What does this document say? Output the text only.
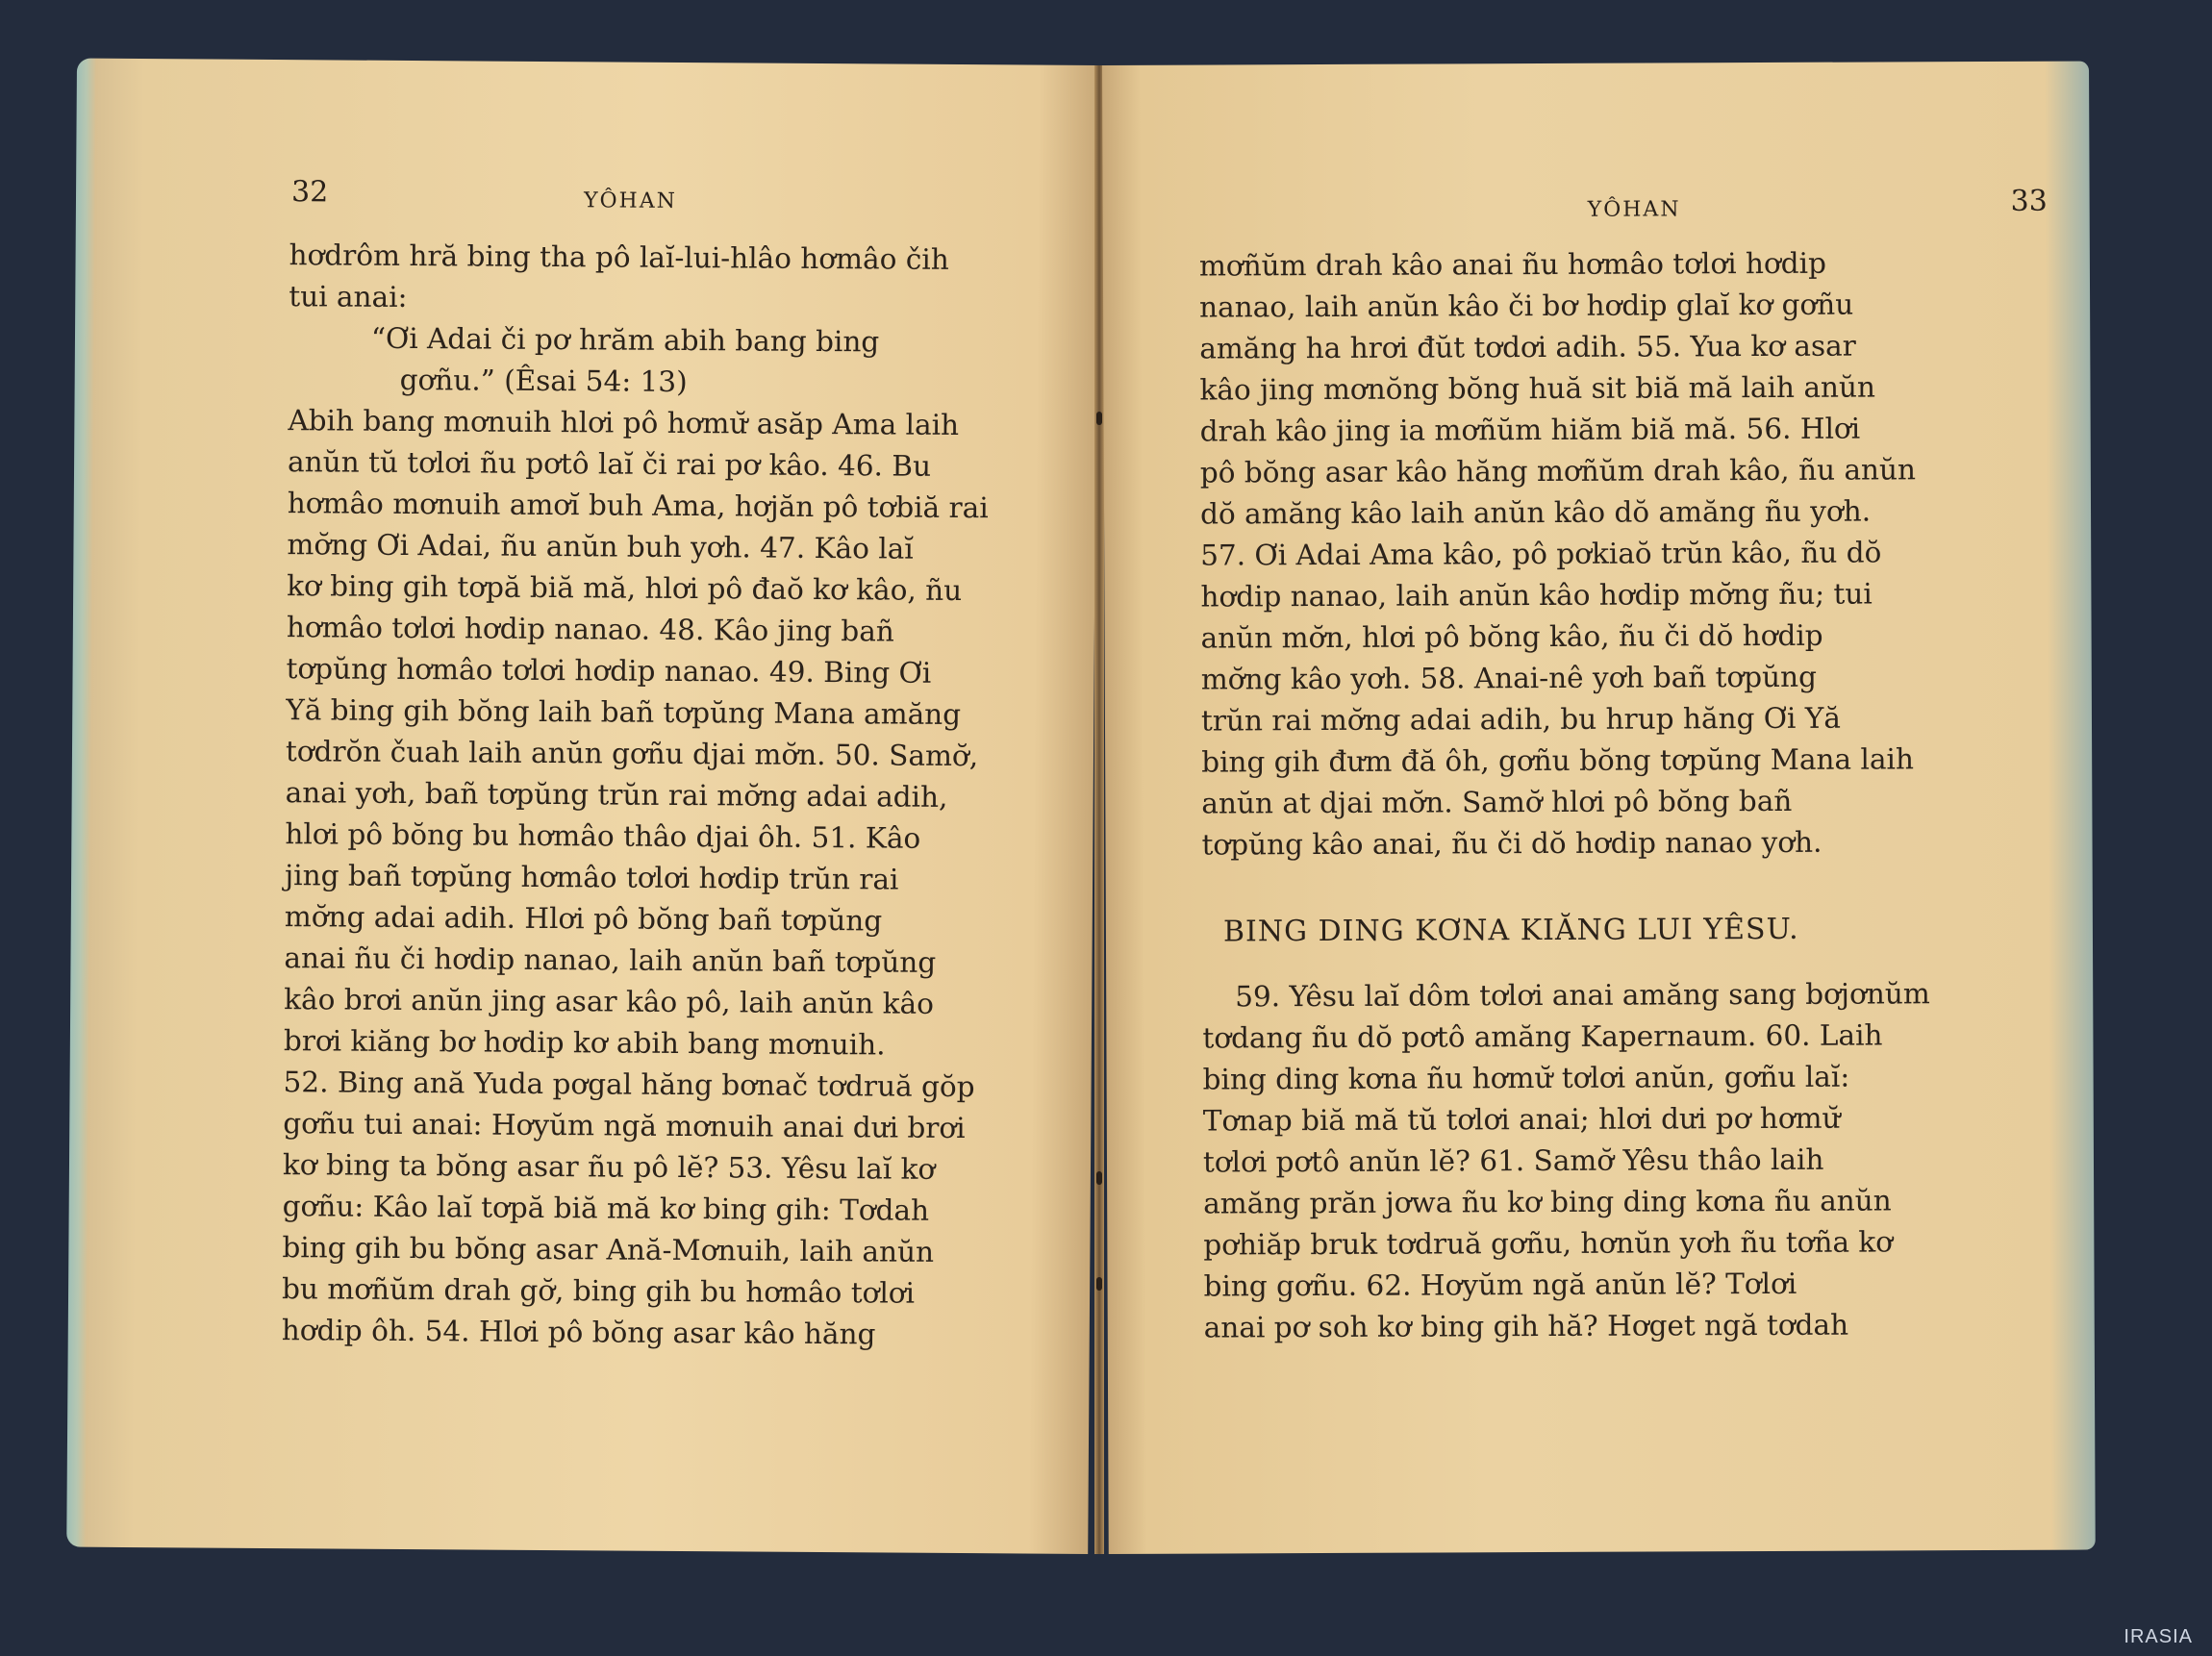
32	YÔHAN
hơdrôm hră bing tha pô laĭ-lui-hlâo hơmâo čih
tui anai:
“Ơi Adai či pơ hrăm abih bang bing
gơñu.” (Êsai 54: 13)
Abih bang mơnuih hlơi pô hơmư̆ asăp Ama laih
anŭn tŭ tơlơi ñu pơtô laĭ či rai pơ kâo. 46. Bu
hơmâo mơnuih amơĭ buh Ama, hơjăn pô tơbiă rai
mơ̆ng Ơi Adai, ñu anŭn buh yơh. 47. Kâo laĭ
kơ bing gih tơpă biă mă, hlơi pô đaŏ kơ kâo, ñu
hơmâo tơlơi hơdip nanao. 48. Kâo jing bañ
tơpŭng hơmâo tơlơi hơdip nanao. 49. Bing Ơi
Yă bing gih bŏng laih bañ tơpŭng Mana amăng
tơdrŏn čuah laih anŭn gơñu djai mơ̆n. 50. Samơ̆,
anai yơh, bañ tơpŭng trŭn rai mơ̆ng adai adih,
hlơi pô bŏng bu hơmâo thâo djai ôh. 51. Kâo
jing bañ tơpŭng hơmâo tơlơi hơdip trŭn rai
mơ̆ng adai adih. Hlơi pô bŏng bañ tơpŭng
anai ñu či hơdip nanao, laih anŭn bañ tơpŭng
kâo brơi anŭn jing asar kâo pô, laih anŭn kâo
brơi kiăng bơ hơdip kơ abih bang mơnuih.
52. Bing ană Yuda pơgal hăng bơnač tơdruă gŏp
gơñu tui anai: Hơyŭm ngă mơnuih anai dưi brơi
kơ bing ta bŏng asar ñu pô lĕ? 53. Yêsu laĭ kơ
gơñu: Kâo laĭ tơpă biă mă kơ bing gih: Tơdah
bing gih bu bŏng asar Ană-Mơnuih, laih anŭn
bu mơñŭm drah gơ̆, bing gih bu hơmâo tơlơi
hơdip ôh. 54. Hlơi pô bŏng asar kâo hăng
YÔHAN	33
mơñŭm drah kâo anai ñu hơmâo tơlơi hơdip
nanao, laih anŭn kâo či bơ hơdip glaĭ kơ gơñu
amăng ha hrơi đŭt tơdơi adih. 55. Yua kơ asar
kâo jing mơnŏng bŏng huă sit biă mă laih anŭn
drah kâo jing ia mơñŭm hiăm biă mă. 56. Hlơi
pô bŏng asar kâo hăng mơñŭm drah kâo, ñu anŭn
dŏ amăng kâo laih anŭn kâo dŏ amăng ñu yơh.
57. Ơi Adai Ama kâo, pô pơkiaŏ trŭn kâo, ñu dŏ
hơdip nanao, laih anŭn kâo hơdip mơ̆ng ñu; tui
anŭn mơ̆n, hlơi pô bŏng kâo, ñu či dŏ hơdip
mơ̆ng kâo yơh. 58. Anai-nê yơh bañ tơpŭng
trŭn rai mơ̆ng adai adih, bu hrup hăng Ơi Yă
bing gih đưm đă ôh, gơñu bŏng tơpŭng Mana laih
anŭn at djai mơ̆n. Samơ̆ hlơi pô bŏng bañ
tơpŭng kâo anai, ñu či dŏ hơdip nanao yơh.
BING DING KƠNA KIĂNG LUI YÊSU.
59. Yêsu laĭ dôm tơlơi anai amăng sang bơjơnŭm
tơdang ñu dŏ pơtô amăng Kapernaum. 60. Laih
bing ding kơna ñu hơmư̆ tơlơi anŭn, gơñu laĭ:
Tơnap biă mă tŭ tơlơi anai; hlơi dưi pơ hơmư̆
tơlơi pơtô anŭn lĕ? 61. Samơ̆ Yêsu thâo laih
amăng prăn jơwa ñu kơ bing ding kơna ñu anŭn
pơhiăp bruk tơdruă gơñu, hơnŭn yơh ñu tơña kơ
bing gơñu. 62. Hơyŭm ngă anŭn lĕ? Tơlơi
anai pơ soh kơ bing gih hă? Hơget ngă tơdah
IRASIA
